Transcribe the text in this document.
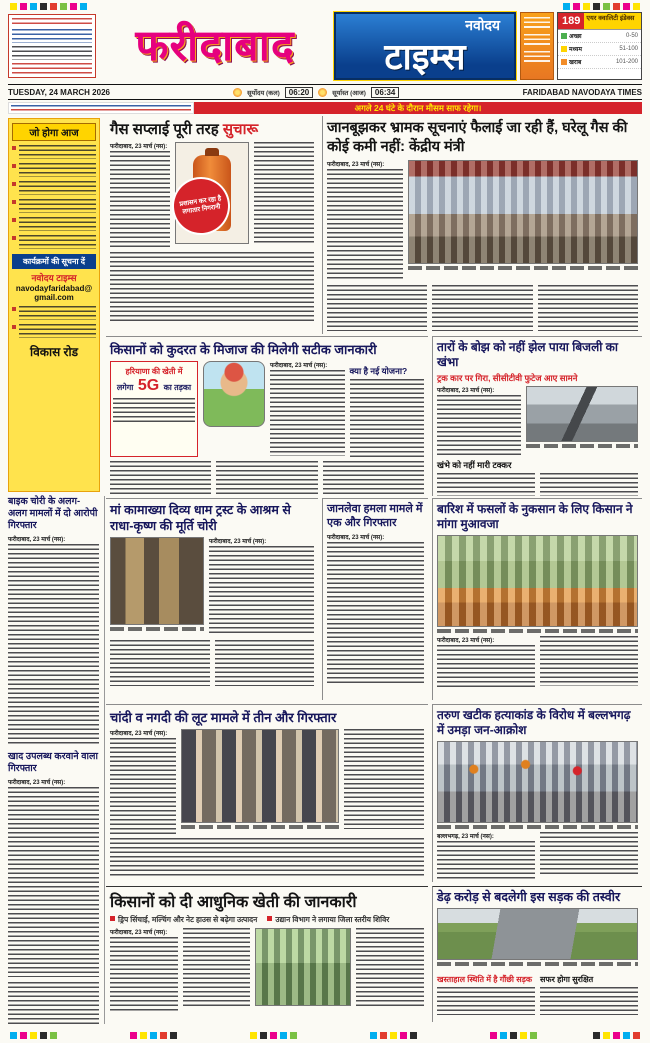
फरीदाबाद	नवोदय
टाइम्स
189 एयर क्वालिटी इंडेक्स
अच्छा	0-50
मध्यम	51-100
खराब	101-200
TUESDAY, 24 MARCH 2026	सूर्योदय (कल)	06:20	सूर्यास्त (आज)	06:34	FARIDABAD NAVODAYA TIMES
अगले 24 घंटे के दौरान मौसम साफ रहेगा।
जो होगा आज
कार्यक्रमों की सूचना दें
नवोदय टाइम्स
navodayfaridabad@
gmail.com
विकास रोड
बाइक चोरी के अलग-अलग मामलों में दो आरोपी गिरफ्तार
फरीदाबाद, 23 मार्च (नस):
खाद उपलब्ध करवाने वाला गिरफ्तार
फरीदाबाद, 23 मार्च (नस):
गैस सप्लाई पूरी तरह सुचारू
फरीदाबाद, 23 मार्च (नस):
प्रशासन कर रहा है लगातार निगरानी
जानबूझकर भ्रामक सूचनाएं फैलाई जा रही हैं, घरेलू गैस की कोई कमी नहीं: केंद्रीय मंत्री
फरीदाबाद, 23 मार्च (नस):
किसानों को कुदरत के मिजाज की मिलेगी सटीक जानकारी
हरियाणा की खेती में
लगेगा 5G का तड़का
फरीदाबाद, 23 मार्च (नस):	क्या है नई योजना?
तारों के बोझ को नहीं झेल पाया बिजली का खंभा
ट्रक कार पर गिरा, सीसीटीवी फुटेज आए सामने
फरीदाबाद, 23 मार्च (नस):
खंभे को नहीं मारी टक्कर
मां कामाख्या दिव्य धाम ट्रस्ट के आश्रम से राधा-कृष्ण की मूर्ति चोरी
फरीदाबाद, 23 मार्च (नस):
जानलेवा हमला मामले में एक और गिरफ्तार
फरीदाबाद, 23 मार्च (नस):
बारिश में फसलों के नुकसान के लिए किसान ने मांगा मुआवजा
फरीदाबाद, 23 मार्च (नस):
चांदी व नगदी की लूट मामले में तीन और गिरफ्तार
फरीदाबाद, 23 मार्च (नस):
तरुण खटीक हत्याकांड के विरोध में बल्लभगढ़ में उमड़ा जन-आक्रोश
बल्लभगढ़, 23 मार्च (नस):
किसानों को दी आधुनिक खेती की जानकारी
ड्रिप सिंचाई, मल्चिंग और नेट हाउस से बढ़ेगा उत्पादन उद्यान विभाग ने लगाया जिला स्तरीय शिविर
फरीदाबाद, 23 मार्च (नस):
डेढ़ करोड़ से बदलेगी इस सड़क की तस्वीर
खस्ताहाल स्थिति में है गौंछी सड़क सफर होगा सुरक्षित
